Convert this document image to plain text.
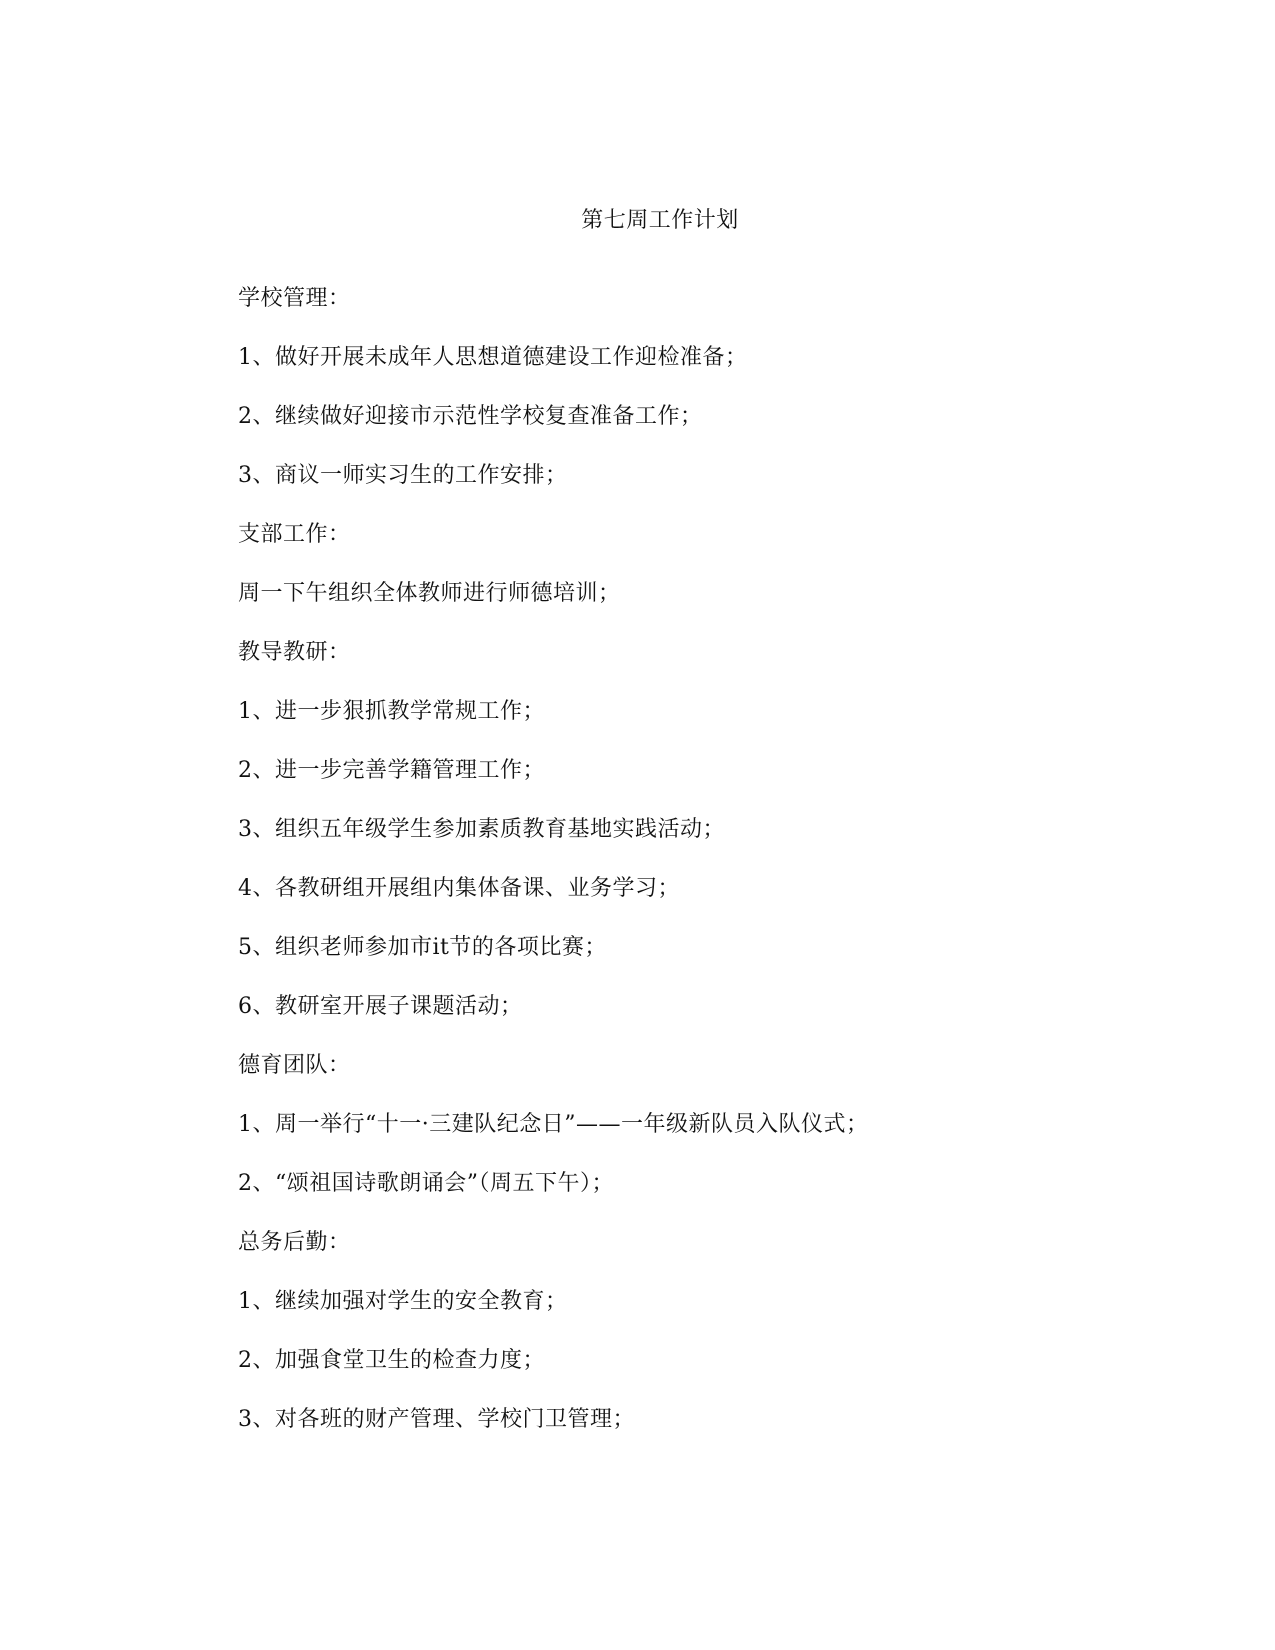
第七周工作计划
学校管理：
1、做好开展未成年人思想道德建设工作迎检准备；
2、继续做好迎接市示范性学校复查准备工作；
3、商议一师实习生的工作安排；
支部工作：
周一下午组织全体教师进行师德培训；
教导教研：
1、进一步狠抓教学常规工作；
2、进一步完善学籍管理工作；
3、组织五年级学生参加素质教育基地实践活动；
4、各教研组开展组内集体备课、业务学习；
5、组织老师参加市it节的各项比赛；
6、教研室开展子课题活动；
德育团队：
1、周一举行“十一·三建队纪念日”——一年级新队员入队仪式；
2、“颂祖国诗歌朗诵会”（周五下午）；
总务后勤：
1、继续加强对学生的安全教育；
2、加强食堂卫生的检查力度；
3、对各班的财产管理、学校门卫管理；
